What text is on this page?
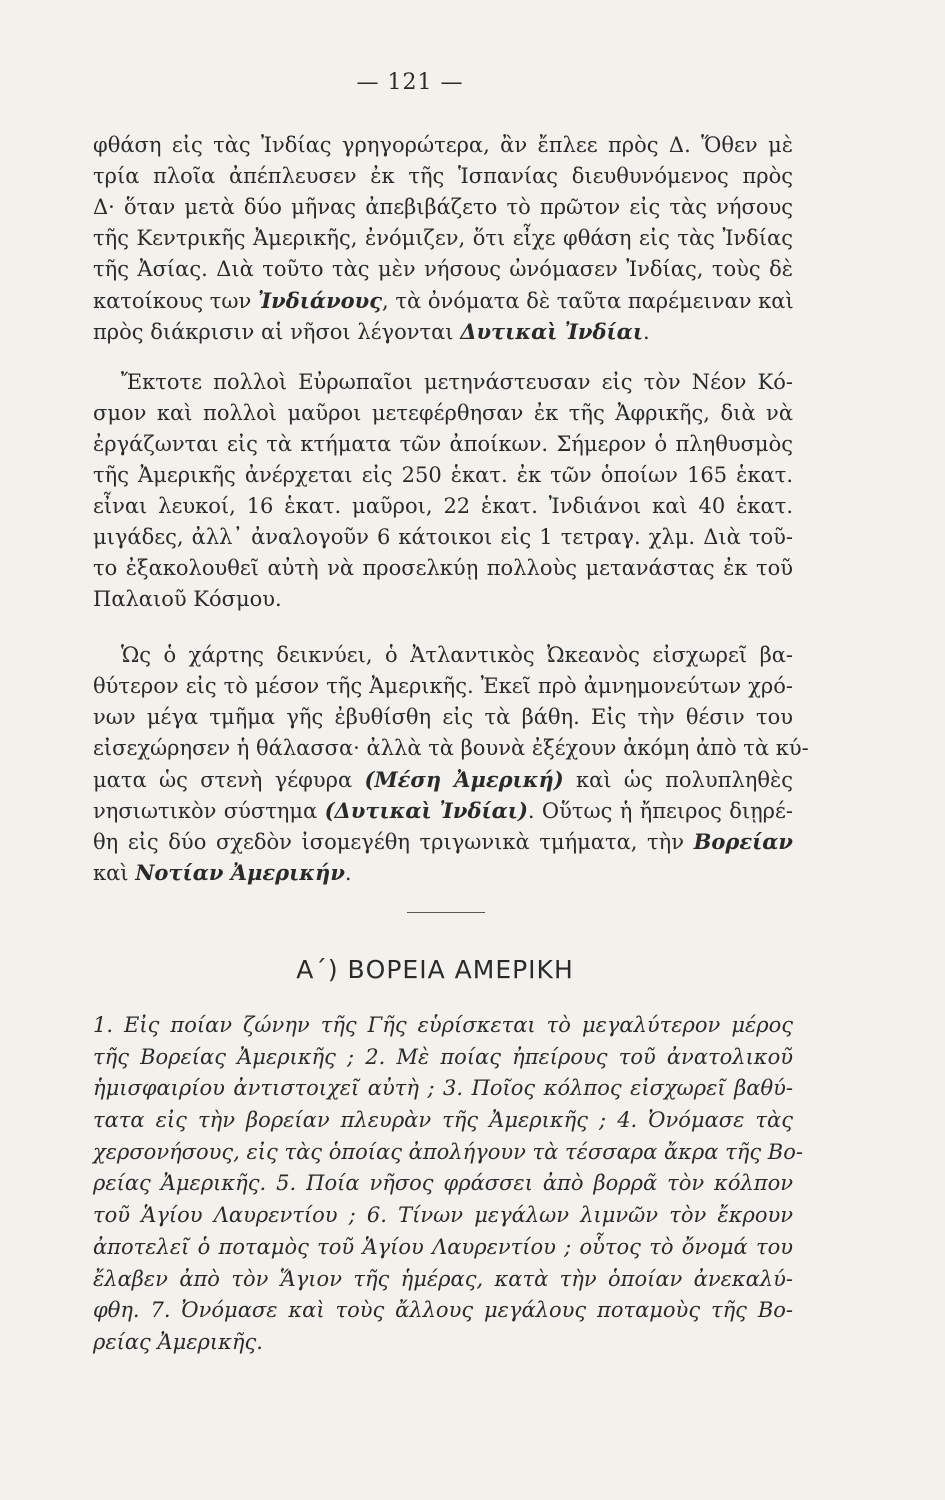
— 121 —
φθάση εἰς τὰς Ἰνδίας γρηγορώτερα, ἂν ἔπλεε πρὸς Δ. Ὅθεν μὲ
τρία πλοῖα ἀπέπλευσεν ἐκ τῆς Ἱσπανίας διευθυνόμενος πρὸς
Δ· ὅταν μετὰ δύο μῆνας ἀπεβιβάζετο τὸ πρῶτον εἰς τὰς νήσους
τῆς Κεντρικῆς Ἀμερικῆς, ἐνόμιζεν, ὅτι εἶχε φθάση εἰς τὰς Ἰνδίας
τῆς Ἀσίας. Διὰ τοῦτο τὰς μὲν νήσους ὠνόμασεν Ἰνδίας, τοὺς δὲ
κατοίκους των Ἰνδιάνους, τὰ ὀνόματα δὲ ταῦτα παρέμειναν καὶ
πρὸς διάκρισιν αἱ νῆσοι λέγονται Δυτικαὶ Ἰνδίαι.
Ἔκτοτε πολλοὶ Εὐρωπαῖοι μετηνάστευσαν εἰς τὸν Νέον Κό-
σμον καὶ πολλοὶ μαῦροι μετεφέρθησαν ἐκ τῆς Ἀφρικῆς, διὰ νὰ
ἐργάζωνται εἰς τὰ κτήματα τῶν ἀποίκων. Σήμερον ὁ πληθυσμὸς
τῆς Ἀμερικῆς ἀνέρχεται εἰς 250 ἑκατ. ἐκ τῶν ὁποίων 165 ἑκατ.
εἶναι λευκοί, 16 ἑκατ. μαῦροι, 22 ἑκατ. Ἰνδιάνοι καὶ 40 ἑκατ.
μιγάδες, ἀλλ᾽ ἀναλογοῦν 6 κάτοικοι εἰς 1 τετραγ. χλμ. Διὰ τοῦ-
το ἐξακολουθεῖ αὐτὴ νὰ προσελκύῃ πολλοὺς μετανάστας ἐκ τοῦ
Παλαιοῦ Κόσμου.
Ὡς ὁ χάρτης δεικνύει, ὁ Ἀτλαντικὸς Ὠκεανὸς εἰσχωρεῖ βα-
θύτερον εἰς τὸ μέσον τῆς Ἀμερικῆς. Ἐκεῖ πρὸ ἀμνημονεύτων χρό-
νων μέγα τμῆμα γῆς ἐβυθίσθη εἰς τὰ βάθη. Εἰς τὴν θέσιν του
εἰσεχώρησεν ἡ θάλασσα· ἀλλὰ τὰ βουνὰ ἐξέχουν ἀκόμη ἀπὸ τὰ κύ-
ματα ὡς στενὴ γέφυρα (Μέση Ἀμερική) καὶ ὡς πολυπληθὲς
νησιωτικὸν σύστημα (Δυτικαὶ Ἰνδίαι). Οὕτως ἡ ἤπειρος διῃρέ-
θη εἰς δύο σχεδὸν ἰσομεγέθη τριγωνικὰ τμήματα, τὴν Βορείαν
καὶ Νοτίαν Ἀμερικήν.
Α΄) ΒΟΡΕΙΑ ΑΜΕΡΙΚΗ
1. Εἰς ποίαν ζώνην τῆς Γῆς εὑρίσκεται τὸ μεγαλύτερον μέρος
τῆς Βορείας Ἀμερικῆς ; 2. Μὲ ποίας ἠπείρους τοῦ ἀνατολικοῦ
ἡμισφαιρίου ἀντιστοιχεῖ αὐτὴ ; 3. Ποῖος κόλπος εἰσχωρεῖ βαθύ-
τατα εἰς τὴν βορείαν πλευρὰν τῆς Ἀμερικῆς ; 4. Ὀνόμασε τὰς
χερσονήσους, εἰς τὰς ὁποίας ἀπολήγουν τὰ τέσσαρα ἄκρα τῆς Βο-
ρείας Ἀμερικῆς. 5. Ποία νῆσος φράσσει ἀπὸ βορρᾶ τὸν κόλπον
τοῦ Ἁγίου Λαυρεντίου ; 6. Τίνων μεγάλων λιμνῶν τὸν ἔκρουν
ἀποτελεῖ ὁ ποταμὸς τοῦ Ἁγίου Λαυρεντίου ; οὗτος τὸ ὄνομά του
ἔλαβεν ἀπὸ τὸν Ἅγιον τῆς ἡμέρας, κατὰ τὴν ὁποίαν ἀνεκαλύ-
φθη. 7. Ὀνόμασε καὶ τοὺς ἄλλους μεγάλους ποταμοὺς τῆς Βο-
ρείας Ἀμερικῆς.
